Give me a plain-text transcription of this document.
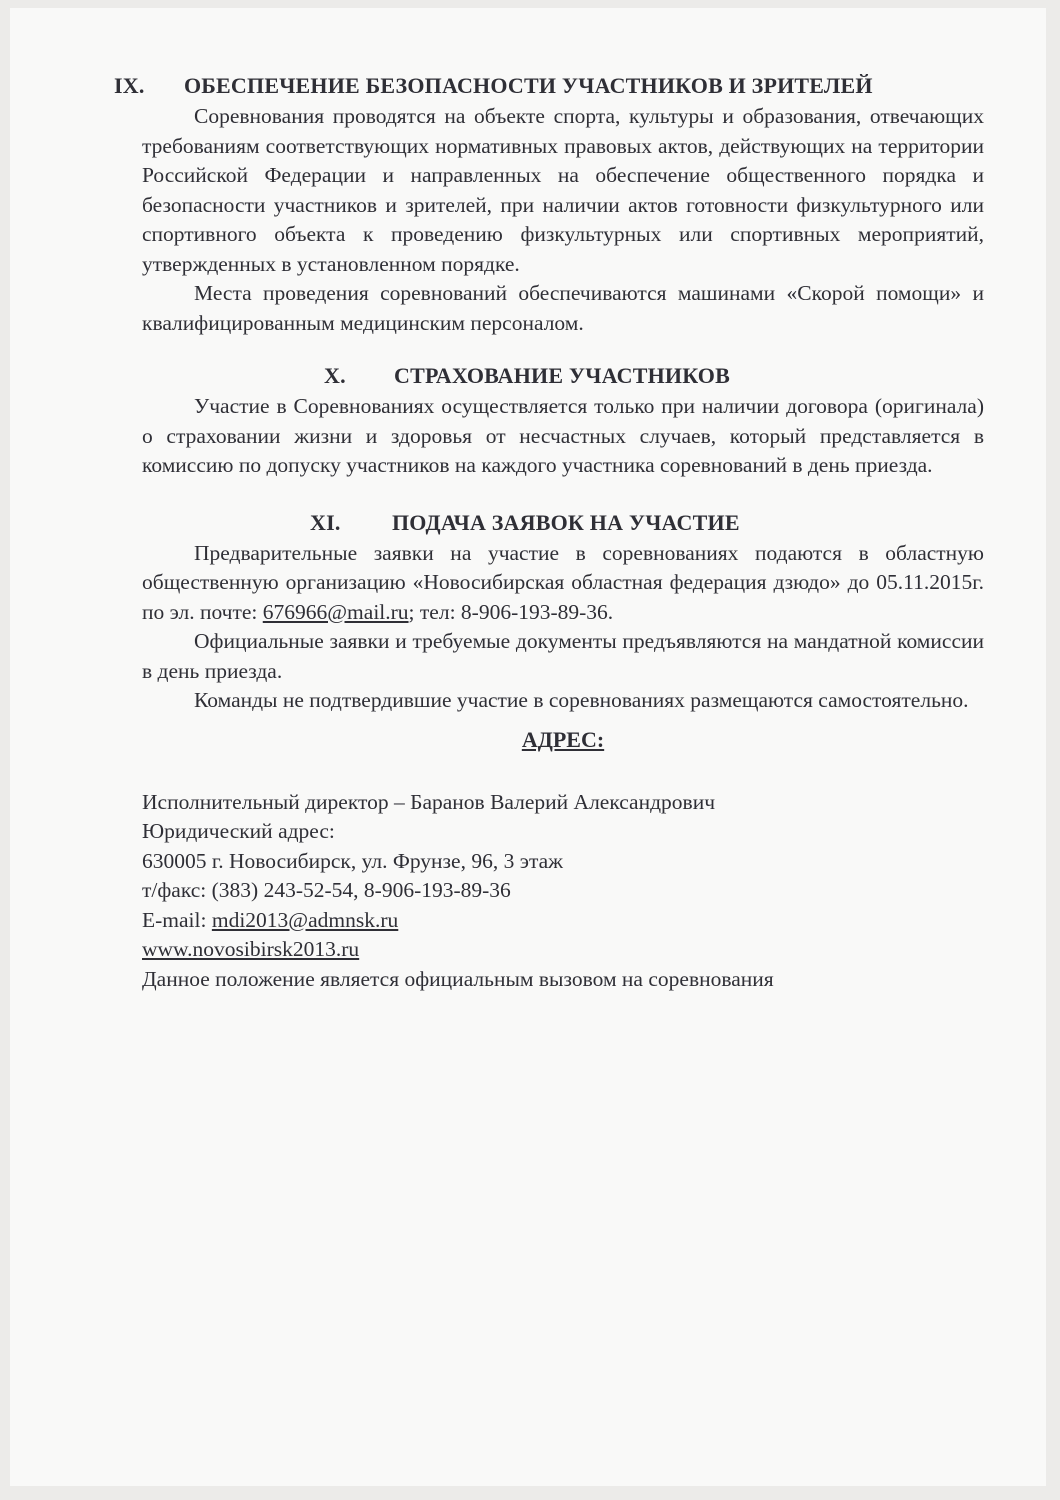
IX. ОБЕСПЕЧЕНИЕ БЕЗОПАСНОСТИ УЧАСТНИКОВ И ЗРИТЕЛЕЙ

Соревнования проводятся на объекте спорта, культуры и образования, отвечающих требованиям соответствующих нормативных правовых актов, действующих на территории Российской Федерации и направленных на обеспечение общественного порядка и безопасности участников и зрителей, при наличии актов готовности физкультурного или спортивного объекта к проведению физкультурных или спортивных мероприятий, утвержденных в установленном порядке.

Места проведения соревнований обеспечиваются машинами «Скорой помощи» и квалифицированным медицинским персоналом.

X. СТРАХОВАНИЕ УЧАСТНИКОВ

Участие в Соревнованиях осуществляется только при наличии договора (оригинала) о страховании жизни и здоровья от несчастных случаев, который представляется в комиссию по допуску участников на каждого участника соревнований в день приезда.

XI. ПОДАЧА ЗАЯВОК НА УЧАСТИЕ

Предварительные заявки на участие в соревнованиях подаются в областную общественную организацию «Новосибирская областная федерация дзюдо» до 05.11.2015г. по эл. почте: 676966@mail.ru; тел: 8-906-193-89-36.

Официальные заявки и требуемые документы предъявляются на мандатной комиссии в день приезда.

Команды не подтвердившие участие в соревнованиях размещаются самостоятельно.

АДРЕС:
Исполнительный директор – Баранов Валерий Александрович
Юридический адрес:
630005 г. Новосибирск, ул. Фрунзе, 96, 3 этаж
т/факс: (383) 243-52-54, 8-906-193-89-36
E-mail: mdi2013@admnsk.ru
www.novosibirsk2013.ru
Данное положение является официальным вызовом на соревнования
